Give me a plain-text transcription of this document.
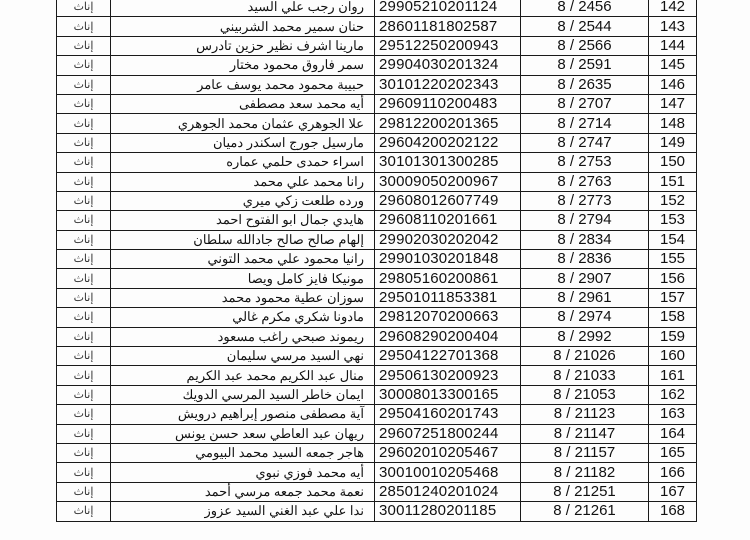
إناث	روان رجب علي السيد	29905210201124	8 / 2456	142
إناث	حنان سمير محمد الشربيني	28601181802587	8 / 2544	143
إناث	مارينا اشرف نظير حزين تادرس	29512250200943	8 / 2566	144
إناث	سمر فاروق محمود مختار	29904030201324	8 / 2591	145
إناث	حبيبة محمود محمد يوسف عامر	30101220202343	8 / 2635	146
إناث	أيه محمد سعد مصطفى	29609110200483	8 / 2707	147
إناث	علا الجوهري عثمان محمد الجوهري	29812200201365	8 / 2714	148
إناث	مارسيل جورج اسكندر دميان	29604200202122	8 / 2747	149
إناث	اسراء حمدى حلمي عماره	30101301300285	8 / 2753	150
إناث	رانا محمد علي محمد	30009050200967	8 / 2763	151
إناث	ورده طلعت زكي ميري	29608012607749	8 / 2773	152
إناث	هايدي جمال ابو الفتوح احمد	29608110201661	8 / 2794	153
إناث	إلهام صالح صالح جادالله سلطان	29902030202042	8 / 2834	154
إناث	رانيا محمود علي محمد التوني	29901030201848	8 / 2836	155
إناث	مونيكا فايز كامل ويصا	29805160200861	8 / 2907	156
إناث	سوزان عطية محمود محمد	29501011853381	8 / 2961	157
إناث	مادونا شكري مكرم غالي	29812070200663	8 / 2974	158
إناث	ريموند صبحي راغب مسعود	29608290200404	8 / 2992	159
إناث	نهي السيد مرسي سليمان	29504122701368	8 / 21026	160
إناث	منال عبد الكريم محمد عبد الكريم	29506130200923	8 / 21033	161
إناث	ايمان خاطر السيد المرسي الدويك	30008013300165	8 / 21053	162
إناث	آية مصطفى منصور إبراهيم درويش	29504160201743	8 / 21123	163
إناث	ريهان عبد العاطي سعد حسن يونس	29607251800244	8 / 21147	164
إناث	هاجر جمعه السيد محمد البيومي	29602010205467	8 / 21157	165
إناث	أيه محمد فوزي نبوي	30010010205468	8 / 21182	166
إناث	نعمة محمد جمعه مرسي أحمد	28501240201024	8 / 21251	167
إناث	ندا علي عبد الغني السيد عزوز	30011280201185	8 / 21261	168
